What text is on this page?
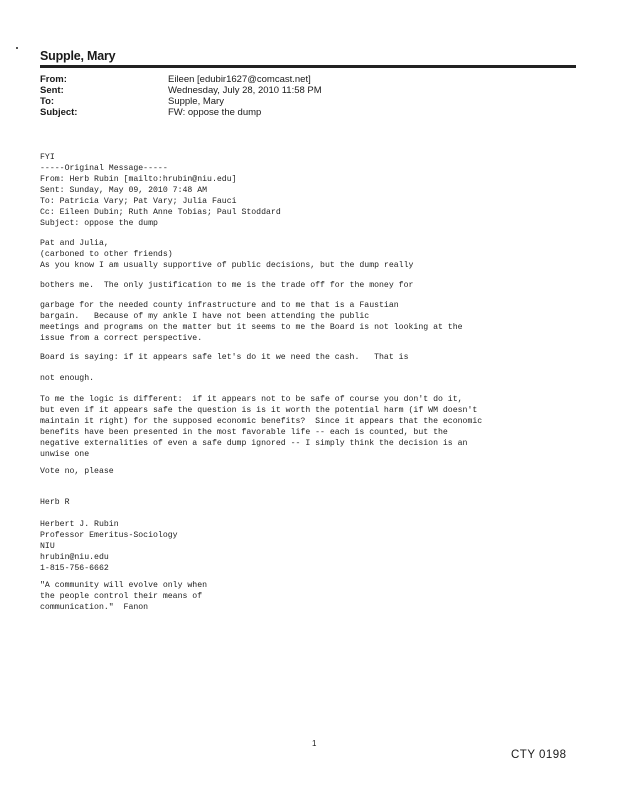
Supple, Mary
From:	Eileen [edubir1627@comcast.net]
Sent:	Wednesday, July 28, 2010 11:58 PM
To:	Supple, Mary
Subject:	FW: oppose the dump
FYI
-----Original Message-----
From: Herb Rubin [mailto:hrubin@niu.edu]
Sent: Sunday, May 09, 2010 7:48 AM
To: Patricia Vary; Pat Vary; Julia Fauci
Cc: Eileen Dubin; Ruth Anne Tobias; Paul Stoddard
Subject: oppose the dump
Pat and Julia,
(carboned to other friends)
As you know I am usually supportive of public decisions, but the dump really
bothers me.  The only justification to me is the trade off for the money for
garbage for the needed county infrastructure and to me that is a Faustian
bargain.   Because of my ankle I have not been attending the public
meetings and programs on the matter but it seems to me the Board is not looking at the
issue from a correct perspective.
Board is saying: if it appears safe let's do it we need the cash.   That is
not enough.
To me the logic is different:  if it appears not to be safe of course you don't do it,
but even if it appears safe the question is is it worth the potential harm (if WM doesn't
maintain it right) for the supposed economic benefits?  Since it appears that the economic
benefits have been presented in the most favorable life -- each is counted, but the
negative externalities of even a safe dump ignored -- I simply think the decision is an
unwise one
Vote no, please
Herb R
Herbert J. Rubin
Professor Emeritus-Sociology
NIU
hrubin@niu.edu
1-815-756-6662
"A community will evolve only when
the people control their means of
communication."  Fanon
1
CTY 0198
